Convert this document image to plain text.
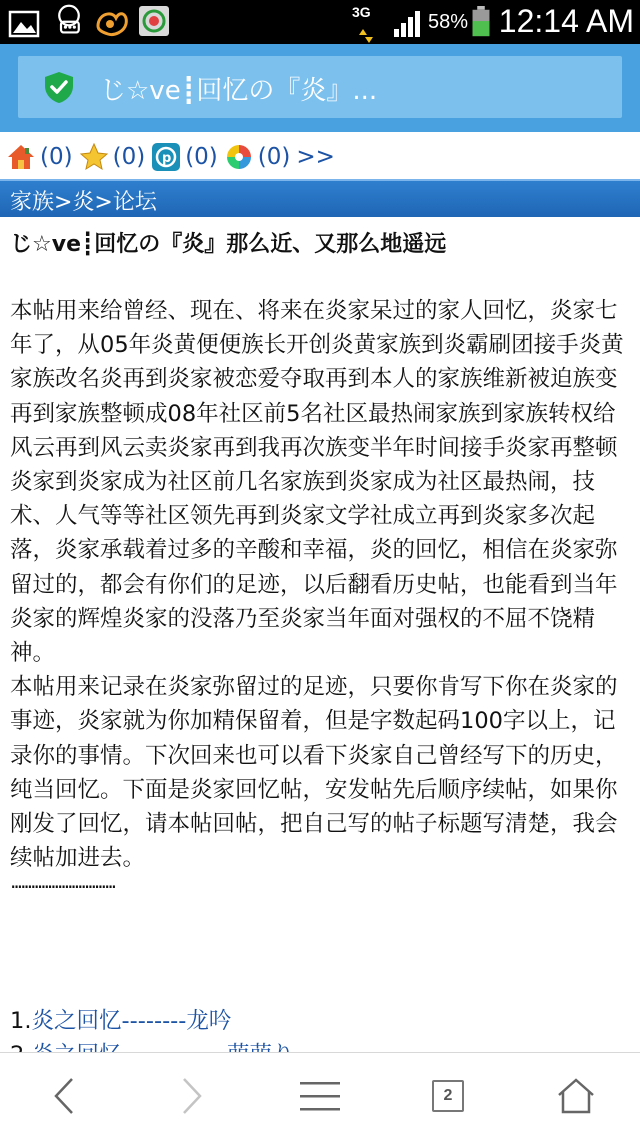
3G	58% 12:14 AM
じ☆ve┋回忆の『炎』...
(0) (0) p (0) (0) >>
家族>炎>论坛
じ☆ve┋回忆の『炎』那么近、又那么地遥远

本帖用来给曾经、现在、将来在炎家呆过的家人回忆，炎家七年了，从05年炎黄便便族长开创炎黄家族到炎霸刷团接手炎黄家族改名炎再到炎家被恋爱夺取再到本人的家族维新被迫族变 再到家族整顿成08年社区前5名社区最热闹家族到家族转权给风云再到风云卖炎家再到我再次族变半年时间接手炎家再整顿炎家到炎家成为社区前几名家族到炎家成为社区最热闹，技术、人气等等社区领先再到炎家文学社成立再到炎家多次起落，炎家承载着过多的辛酸和幸福，炎的回忆，相信在炎家弥留过的，都会有你们的足迹，以后翻看历史帖，也能看到当年炎家的辉煌炎家的没落乃至炎家当年面对强权的不屈不饶精神。

本帖用来记录在炎家弥留过的足迹，只要你肯写下你在炎家的事迹，炎家就为你加精保留着，但是字数起码100字以上，记录你的事情。下次回来也可以看下炎家自己曾经写下的历史，纯当回忆。下面是炎家回忆帖，安发帖先后顺序续帖，如果你刚发了回忆，请本帖回帖，把自己写的帖子标题写清楚，我会续帖加进去。

·······························
1.炎之回忆--------龙吟
2
